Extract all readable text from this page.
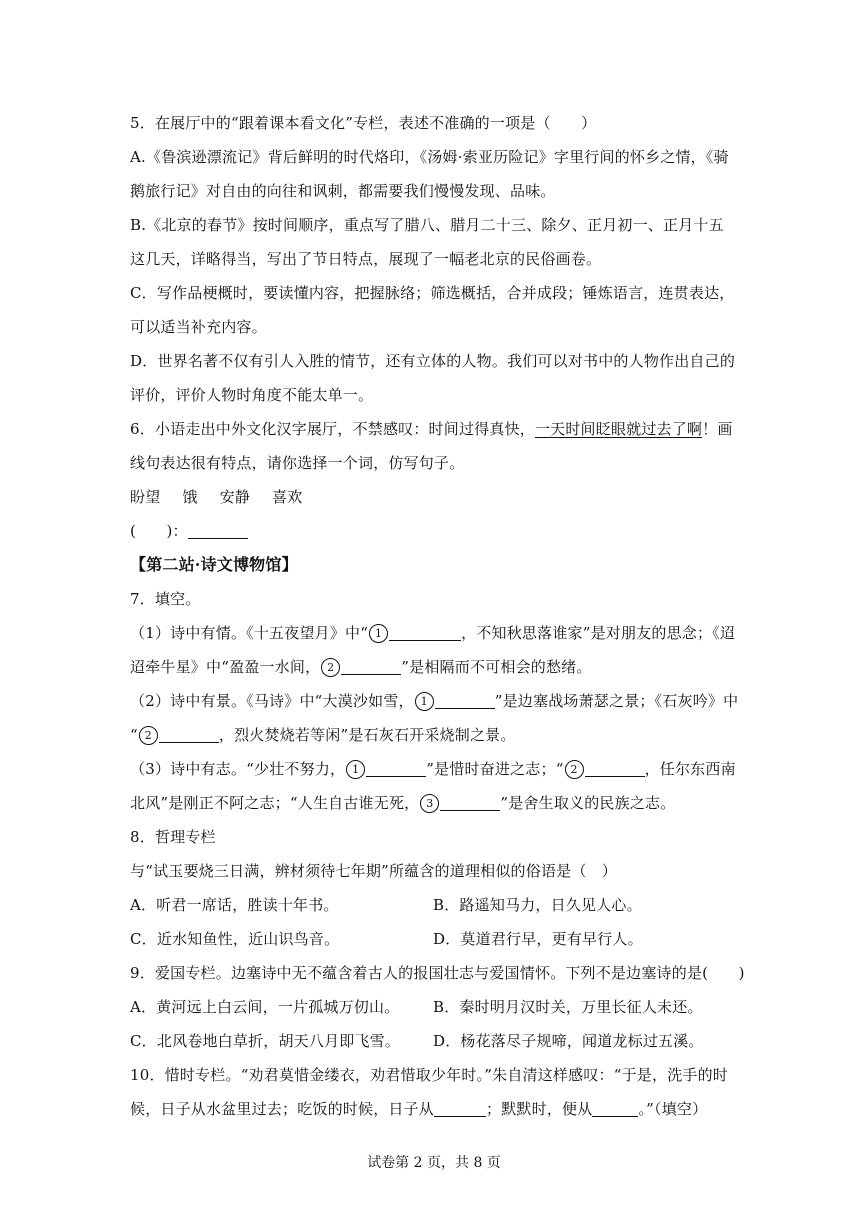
5．在展厅中的“跟着课本看文化”专栏，表述不准确的一项是（　　）
A.《鲁滨逊漂流记》背后鲜明的时代烙印，《汤姆·索亚历险记》字里行间的怀乡之情，《骑
鹅旅行记》对自由的向往和讽刺，都需要我们慢慢发现、品味。
B.《北京的春节》按时间顺序，重点写了腊八、腊月二十三、除夕、正月初一、正月十五
这几天，详略得当，写出了节日特点，展现了一幅老北京的民俗画卷。
C．写作品梗概时，要读懂内容，把握脉络；筛选概括，合并成段；锤炼语言，连贯表达，
可以适当补充内容。
D．世界名著不仅有引人入胜的情节，还有立体的人物。我们可以对书中的人物作出自己的
评价，评价人物时角度不能太单一。
6．小语走出中外文化汉字展厅，不禁感叹：时间过得真快，一天时间眨眼就过去了啊！画
线句表达很有特点，请你选择一个词，仿写句子。
盼望 饿 安静 喜欢
(　　)：
【第二站·诗文博物馆】
7．填空。
（1）诗中有情。《十五夜望月》中“ 1	，不知秋思落谁家”是对朋友的思念；《迢
迢牵牛星》中“盈盈一水间， 2	”是相隔而不可相会的愁绪。
（2）诗中有景。《马诗》中“大漠沙如雪， 1	”是边塞战场萧瑟之景；《石灰吟》中
“ 2	，烈火焚烧若等闲”是石灰石开采烧制之景。
（3）诗中有志。“少壮不努力， 1	”是惜时奋进之志；“ 2	，任尔东西南
北风”是刚正不阿之志；“人生自古谁无死， 3	”是舍生取义的民族之志。
8．哲理专栏
与“试玉要烧三日满，辨材须待七年期”所蕴含的道理相似的俗语是（　）
A．听君一席话，胜读十年书。	B．路遥知马力，日久见人心。
C．近水知鱼性，近山识鸟音。	D．莫道君行早，更有早行人。
9．爱国专栏。边塞诗中无不蕴含着古人的报国壮志与爱国情怀。下列不是边塞诗的是(　　)
A．黄河远上白云间，一片孤城万仞山。 B．秦时明月汉时关，万里长征人未还。
C．北风卷地白草折，胡天八月即飞雪。 D．杨花落尽子规啼，闻道龙标过五溪。
10．惜时专栏。“劝君莫惜金缕衣，劝君惜取少年时。”朱自清这样感叹：“于是，洗手的时
候，日子从水盆里过去；吃饭的时候，日子从	；默默时，便从	。”（填空）
试卷第 2 页，共 8 页
